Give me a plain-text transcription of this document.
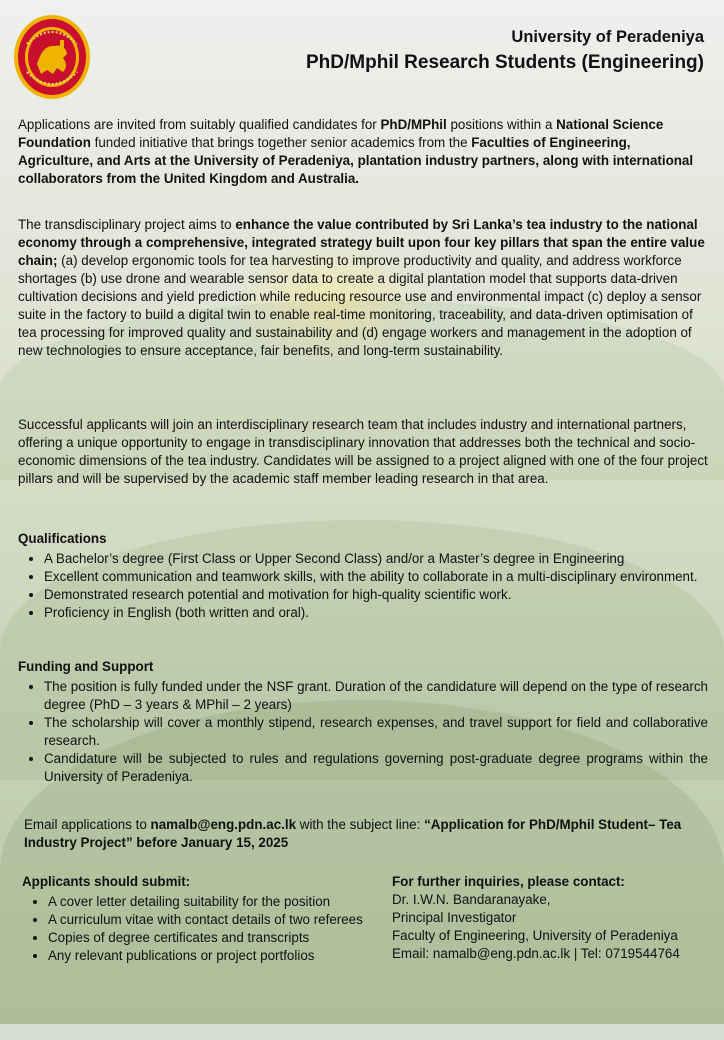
University of Peradeniya
PhD/Mphil Research Students (Engineering)

Applications are invited from suitably qualified candidates for PhD/MPhil positions within a National Science Foundation funded initiative that brings together senior academics from the Faculties of Engineering, Agriculture, and Arts at the University of Peradeniya, plantation industry partners, along with international collaborators from the United Kingdom and Australia.

The transdisciplinary project aims to enhance the value contributed by Sri Lanka’s tea industry to the national economy through a comprehensive, integrated strategy built upon four key pillars that span the entire value chain; (a) develop ergonomic tools for tea harvesting to improve productivity and quality, and address workforce shortages (b) use drone and wearable sensor data to create a digital plantation model that supports data-driven cultivation decisions and yield prediction while reducing resource use and environmental impact (c) deploy a sensor suite in the factory to build a digital twin to enable real-time monitoring, traceability, and data-driven optimisation of tea processing for improved quality and sustainability and (d) engage workers and management in the adoption of new technologies to ensure acceptance, fair benefits, and long-term sustainability.

Successful applicants will join an interdisciplinary research team that includes industry and international partners, offering a unique opportunity to engage in transdisciplinary innovation that addresses both the technical and socio-economic dimensions of the tea industry. Candidates will be assigned to a project aligned with one of the four project pillars and will be supervised by the academic staff member leading research in that area.

Qualifications
• A Bachelor’s degree (First Class or Upper Second Class) and/or a Master’s degree in Engineering
• Excellent communication and teamwork skills, with the ability to collaborate in a multi-disciplinary environment.
• Demonstrated research potential and motivation for high-quality scientific work.
• Proficiency in English (both written and oral).
Funding and Support
• The position is fully funded under the NSF grant. Duration of the candidature will depend on the type of research degree (PhD – 3 years & MPhil – 2 years)
• The scholarship will cover a monthly stipend, research expenses, and travel support for field and collaborative research.
• Candidature will be subjected to rules and regulations governing post-graduate degree programs within the University of Peradeniya.

Email applications to namalb@eng.pdn.ac.lk with the subject line: “Application for PhD/Mphil Student– Tea Industry Project” before January 15, 2025

Applicants should submit:
• A cover letter detailing suitability for the position
• A curriculum vitae with contact details of two referees
• Copies of degree certificates and transcripts
• Any relevant publications or project portfolios
For further inquiries, please contact:
Dr. I.W.N. Bandaranayake,
Principal Investigator
Faculty of Engineering, University of Peradeniya
Email: namalb@eng.pdn.ac.lk | Tel: 0719544764
